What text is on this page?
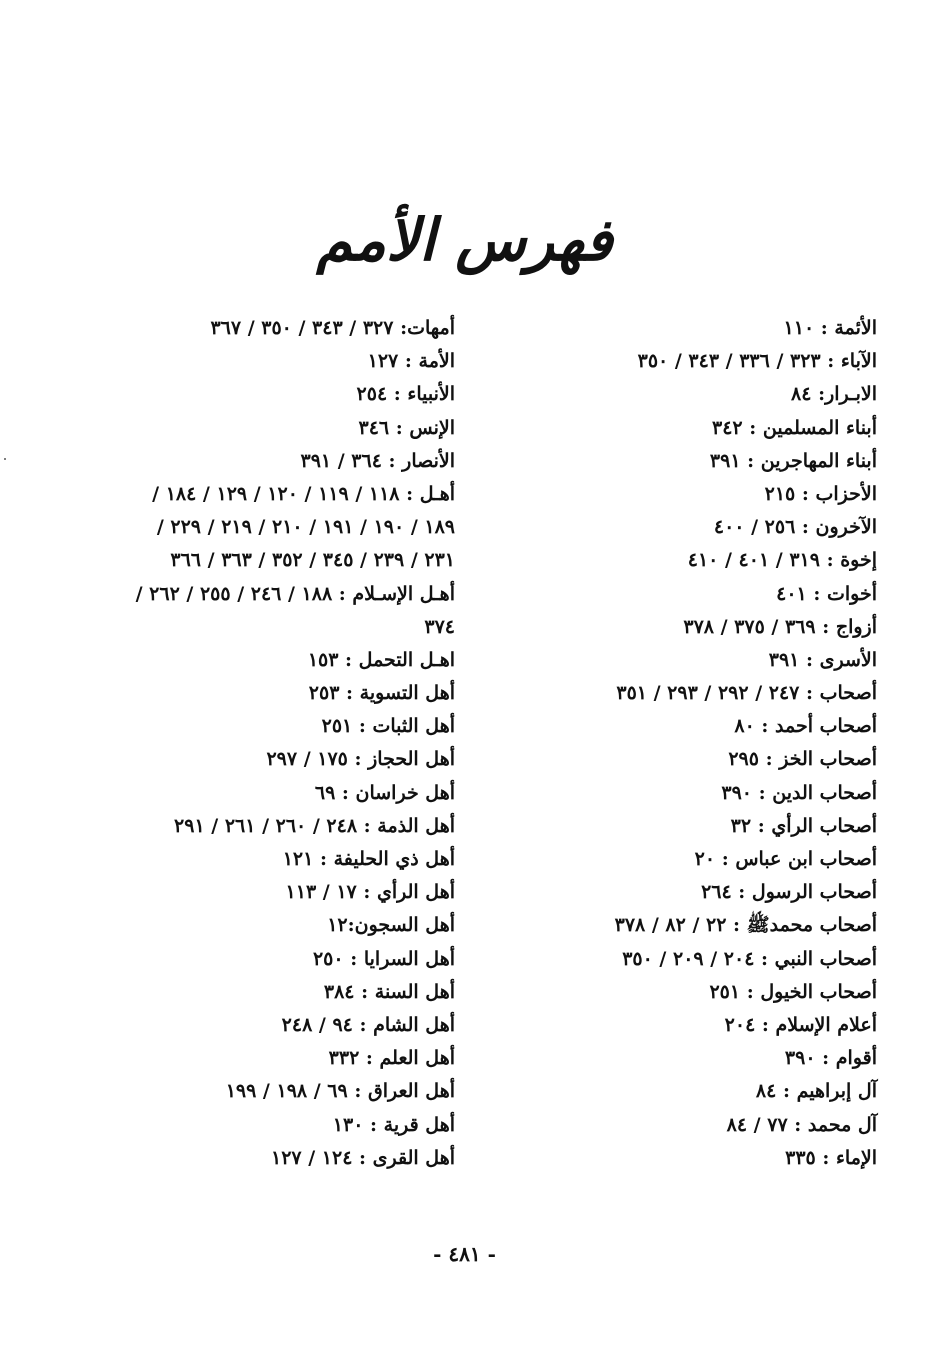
فهرس الأمم
الأئمة : ١١٠
الآباء : ٣٢٣ / ٣٣٦ / ٣٤٣ / ٣٥٠
الابـرار: ٨٤
أبناء المسلمين : ٣٤٢
أبناء المهاجرين : ٣٩١
الأحزاب : ٢١٥
الآخرون : ٢٥٦ / ٤٠٠
إخوة : ٣١٩ / ٤٠١ / ٤١٠
أخوات : ٤٠١
أزواج : ٣٦٩ / ٣٧٥ / ٣٧٨
الأسرى : ٣٩١
أصحاب : ٢٤٧ / ٢٩٢ / ٢٩٣ / ٣٥١
أصحاب أحمد : ٨٠
أصحاب الخز : ٢٩٥
أصحاب الدين : ٣٩٠
أصحاب الرأي : ٣٢
أصحاب ابن عباس : ٢٠
أصحاب الرسول : ٢٦٤
أصحاب محمدﷺ : ٢٢ / ٨٢ / ٣٧٨
أصحاب النبي : ٢٠٤ / ٢٠٩ / ٣٥٠
أصحاب الخيول : ٢٥١
أعلام الإسلام : ٢٠٤
أقوام : ٣٩٠
آل إبراهيم : ٨٤
آل محمد : ٧٧ / ٨٤
الإماء : ٣٣٥
أمهات: ٣٢٧ / ٣٤٣ / ٣٥٠ / ٣٦٧
الأمة : ١٢٧
الأنبياء : ٢٥٤
الإنس : ٣٤٦
الأنصار : ٣٦٤ / ٣٩١
أهـل : ١١٨ / ١١٩ / ١٢٠ / ١٢٩ / ١٨٤ /
١٨٩ / ١٩٠ / ١٩١ / ٢١٠ / ٢١٩ / ٢٢٩ /
٢٣١ / ٢٣٩ / ٣٤٥ / ٣٥٢ / ٣٦٣ / ٣٦٦
أهـل الإسـلام : ١٨٨ / ٢٤٦ / ٢٥٥ / ٢٦٢ /
٣٧٤
اهـل التحمل : ١٥٣
أهل التسوية : ٢٥٣
أهل الثبات : ٢٥١
أهل الحجاز : ١٧٥ / ٢٩٧
أهل خراسان : ٦٩
أهل الذمة : ٢٤٨ / ٢٦٠ / ٢٦١ / ٢٩١
أهل ذي الحليفة : ١٢١
أهل الرأي : ١٧ / ١١٣
أهل السجون:١٢
أهل السرايا : ٢٥٠
أهل السنة : ٣٨٤
أهل الشام : ٩٤ / ٢٤٨
أهل العلم : ٣٣٢
أهل العراق : ٦٩ / ١٩٨ / ١٩٩
أهل قرية : ١٣٠
أهل القرى : ١٢٤ / ١٢٧
- ٤٨١ -
